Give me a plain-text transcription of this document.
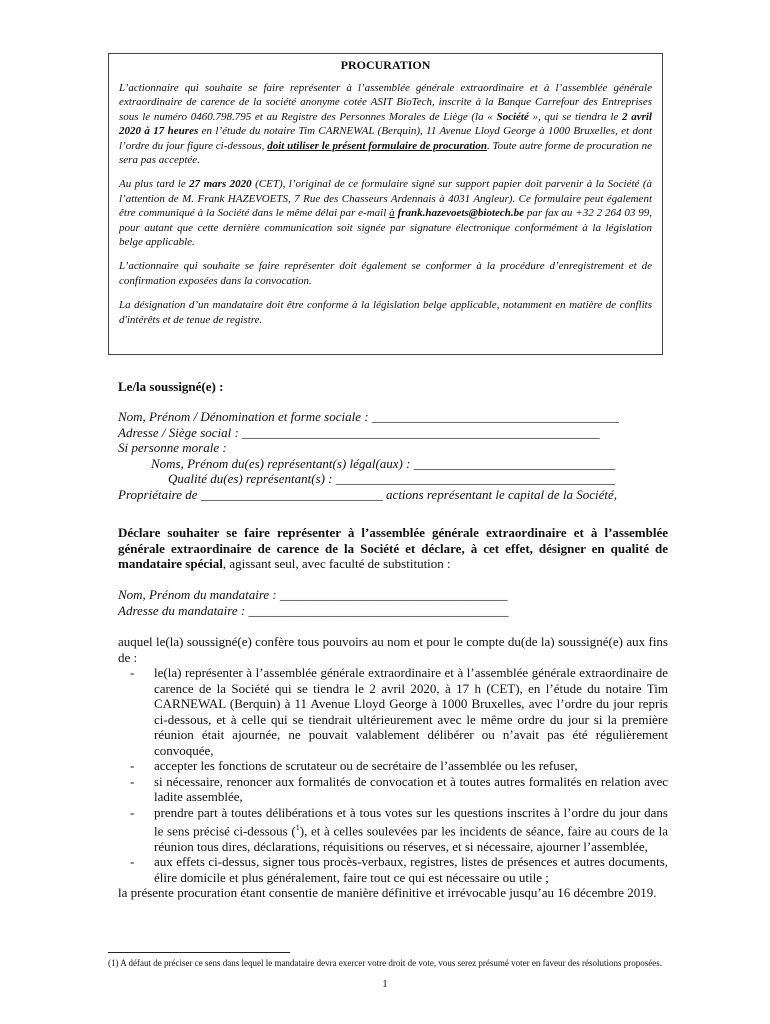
PROCURATION

L’actionnaire qui souhaite se faire représenter à l’assemblée générale extraordinaire et à l’assemblée générale extraordinaire de carence de la société anonyme cotée ASIT BioTech, inscrite à la Banque Carrefour des Entreprises sous le numéro 0460.798.795 et au Registre des Personnes Morales de Liège (la « Société », qui se tiendra le 2 avril 2020 à 17 heures en l’étude du notaire Tim CARNEWAL (Berquin), 11 Avenue Lloyd George à 1000 Bruxelles, et dont l’ordre du jour figure ci-dessous, doit utiliser le présent formulaire de procuration. Toute autre forme de procuration ne sera pas acceptée.

Au plus tard le 27 mars 2020 (CET), l’original de ce formulaire signé sur support papier doit parvenir à la Société (à l’attention de M. Frank HAZEVOETS, 7 Rue des Chasseurs Ardennais à 4031 Angleur). Ce formulaire peut également être communiqué à la Société dans le même délai par e-mail à frank.hazevoets@biotech.be par fax au +32 2 264 03 99, pour autant que cette dernière communication soit signée par signature électronique conformément à la législation belge applicable.

L’actionnaire qui souhaite se faire représenter doit également se conformer à la procédure d’enregistrement et de confirmation exposées dans la convocation.

La désignation d’un mandataire doit être conforme à la législation belge applicable, notamment en matière de conflits d'intérêts et de tenue de registre.

Le/la soussigné(e) :
Nom, Prénom / Dénomination et forme sociale : ______________________________________
Adresse / Siège social : _______________________________________________________
Si personne morale :
Noms, Prénom du(es) représentant(s) légal(aux) : _______________________________
Qualité du(es) représentant(s) : ___________________________________________
Propriétaire de ____________________________ actions représentant le capital de la Société,
Déclare souhaiter se faire représenter à l’assemblée générale extraordinaire et à l’assemblée générale extraordinaire de carence de la Société et déclare, à cet effet, désigner en qualité de mandataire spécial, agissant seul, avec faculté de substitution :
Nom, Prénom du mandataire : ___________________________________
Adresse du mandataire : ________________________________________
auquel le(la) soussigné(e) confère tous pouvoirs au nom et pour le compte du(de la) soussigné(e) aux fins de :
- le(la) représenter à l’assemblée générale extraordinaire et à l’assemblée générale extraordinaire de carence de la Société qui se tiendra le 2 avril 2020, à 17 h (CET), en l’étude du notaire Tim CARNEWAL (Berquin) à 11 Avenue Lloyd George à 1000 Bruxelles, avec l’ordre du jour repris ci-dessous, et à celle qui se tiendrait ultérieurement avec le même ordre du jour si la première réunion était ajournée, ne pouvait valablement délibérer ou n’avait pas été régulièrement convoquée,
- accepter les fonctions de scrutateur ou de secrétaire de l’assemblée ou les refuser,
- si nécessaire, renoncer aux formalités de convocation et à toutes autres formalités en relation avec ladite assemblée,
- prendre part à toutes délibérations et à tous votes sur les questions inscrites à l’ordre du jour dans le sens précisé ci-dessous ($^1$), et à celles soulevées par les incidents de séance, faire au cours de la réunion tous dires, déclarations, réquisitions ou réserves, et si nécessaire, ajourner l’assemblée,
- aux effets ci-dessus, signer tous procès-verbaux, registres, listes de présences et autres documents, élire domicile et plus généralement, faire tout ce qui est nécessaire ou utile ;
la présente procuration étant consentie de manière définitive et irrévocable jusqu’au 16 décembre 2019.
(1) A défaut de préciser ce sens dans lequel le mandataire devra exercer votre droit de vote, vous serez présumé voter en faveur des résolutions proposées.
1
